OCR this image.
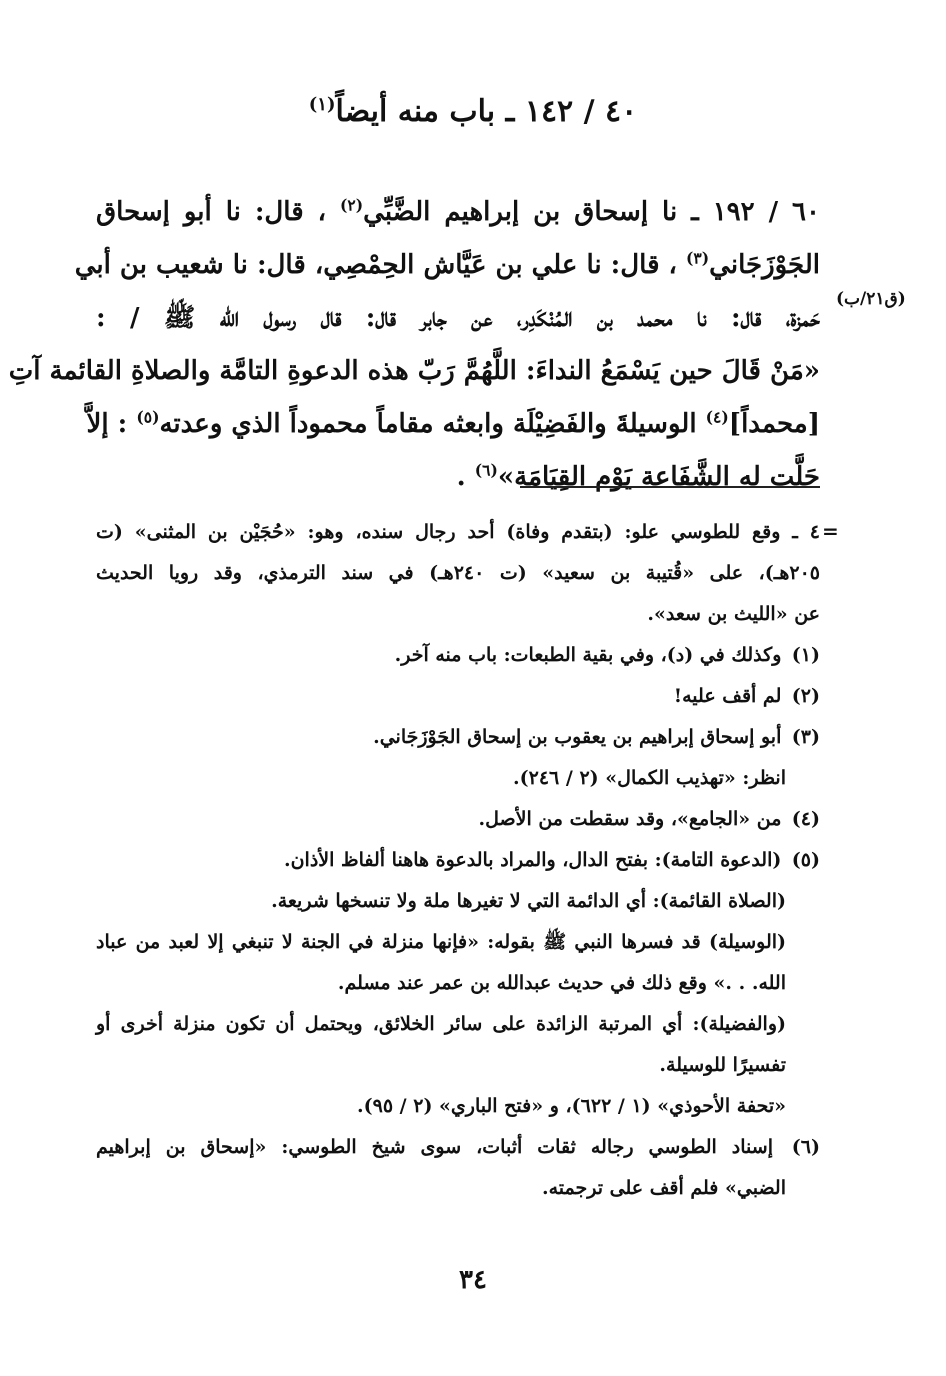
٤٠ / ١٤٢ ـ باب منه أيضاً$^{(١)}$
٦٠ / ١٩٢ ـ نا إسحاق بن إبراهيم الضَّبِّي$^{(٢)}$ ، قال: نا أبو إسحاق
الجَوْزَجَاني$^{(٣)}$ ، قال: نا علي بن عَيَّاش الحِمْصِي، قال: نا شعيب بن أبي
حَمزة، قال: نا محمد بن المُنْكَدِر، عن جابر قال: قال رسول الله ﷺ / :
«مَنْ قَالَ حين يَسْمَعُ النداءَ: اللَّهُمَّ رَبّ هذه الدعوةِ التامَّة والصلاةِ القائمة آتِ
[محمداً]$^{(٤)}$ الوسيلةَ والفَضِيْلَة وابعثه مقاماً محموداً الذي وعدته$^{(٥)}$ : إلاَّ
حَلَّت له الشَّفَاعة يَوْم القِيَامَة»$^{(٦)}$ .
(ق٢١/ب)
=
٤ ـ وقع للطوسي علو: (بتقدم وفاة) أحد رجال سنده، وهو: «حُجَيْن بن المثنى» (ت
٢٠٥هـ)، على «قُتيبة بن سعيد» (ت ٢٤٠هـ) في سند الترمذي، وقد رويا الحديث
عن «الليث بن سعد».
(١) وكذلك في (د)، وفي بقية الطبعات: باب منه آخر.
(٢) لم أقف عليه!
(٣) أبو إسحاق إبراهيم بن يعقوب بن إسحاق الجَوْزَجَاني.
انظر: «تهذيب الكمال» (٢ / ٢٤٦).
(٤) من «الجامع»، وقد سقطت من الأصل.
(٥) (الدعوة التامة): بفتح الدال، والمراد بالدعوة هاهنا ألفاظ الأذان.
(الصلاة القائمة): أي الدائمة التي لا تغيرها ملة ولا تنسخها شريعة.
(الوسيلة) قد فسرها النبي ﷺ بقوله: «فإنها منزلة في الجنة لا تنبغي إلا لعبد من عباد
الله. . .» وقع ذلك في حديث عبدالله بن عمر عند مسلم.
(والفضيلة): أي المرتبة الزائدة على سائر الخلائق، ويحتمل أن تكون منزلة أخرى أو
تفسيرًا للوسيلة.
«تحفة الأحوذي» (١ / ٦٢٢)، و «فتح الباري» (٢ / ٩٥).
(٦) إسناد الطوسي رجاله ثقات أثبات، سوى شيخ الطوسي: «إسحاق بن إبراهيم
الضبي» فلم أقف على ترجمته.
٣٤
